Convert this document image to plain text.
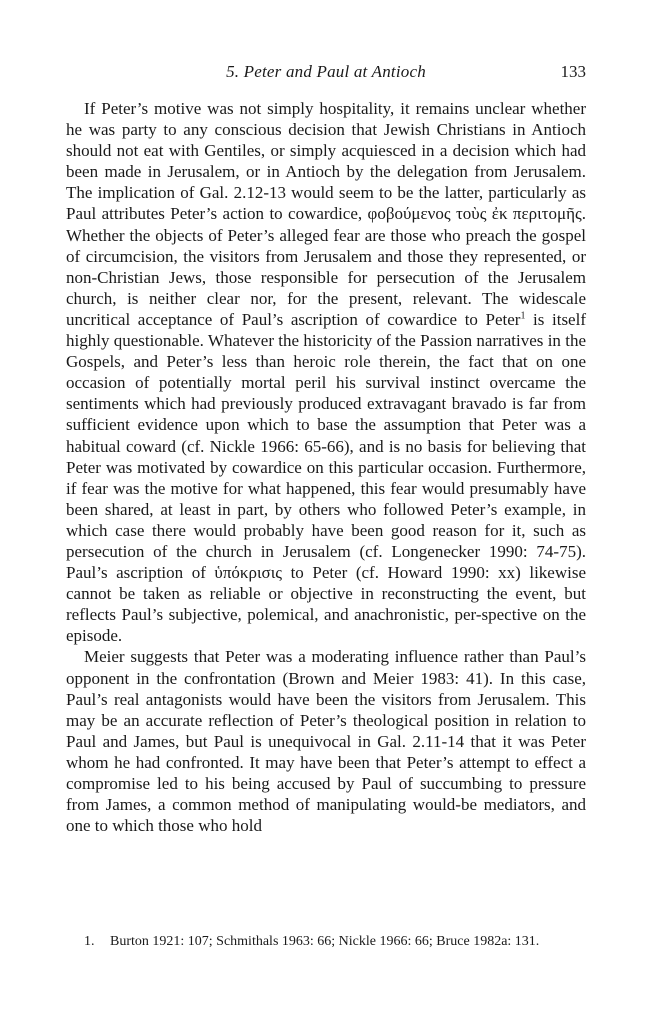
5. Peter and Paul at Antioch	133

If Peter’s motive was not simply hospitality, it remains unclear whether he was party to any conscious decision that Jewish Christians in Antioch should not eat with Gentiles, or simply acquiesced in a decision which had been made in Jerusalem, or in Antioch by the delegation from Jerusalem. The implication of Gal. 2.12-13 would seem to be the latter, particularly as Paul attributes Peter’s action to cowardice, φοβούμενος τοὺς ἐκ περιτομῆς. Whether the objects of Peter’s alleged fear are those who preach the gospel of circumcision, the visitors from Jerusalem and those they represented, or non-Christian Jews, those responsible for persecution of the Jerusalem church, is neither clear nor, for the present, relevant. The widescale uncritical acceptance of Paul’s ascription of cowardice to Peter$^1$ is itself highly questionable. Whatever the historicity of the Passion narratives in the Gospels, and Peter’s less than heroic role therein, the fact that on one occasion of potentially mortal peril his survival instinct overcame the sentiments which had previously produced extravagant bravado is far from sufficient evidence upon which to base the assumption that Peter was a habitual coward (cf. Nickle 1966: 65-66), and is no basis for believing that Peter was motivated by cowardice on this particular occasion. Furthermore, if fear was the motive for what happened, this fear would presumably have been shared, at least in part, by others who followed Peter’s example, in which case there would probably have been good reason for it, such as persecution of the church in Jerusalem (cf. Longenecker 1990: 74-75). Paul’s ascription of ὑπόκρισις to Peter (cf. Howard 1990: xx) likewise cannot be taken as reliable or objective in reconstructing the event, but reflects Paul’s subjective, polemical, and anachronistic, per-spective on the episode.

Meier suggests that Peter was a moderating influence rather than Paul’s opponent in the confrontation (Brown and Meier 1983: 41). In this case, Paul’s real antagonists would have been the visitors from Jerusalem. This may be an accurate reflection of Peter’s theological position in relation to Paul and James, but Paul is unequivocal in Gal. 2.11-14 that it was Peter whom he had confronted. It may have been that Peter’s attempt to effect a compromise led to his being accused by Paul of succumbing to pressure from James, a common method of manipulating would-be mediators, and one to which those who hold

1. Burton 1921: 107; Schmithals 1963: 66; Nickle 1966: 66; Bruce 1982a: 131.
